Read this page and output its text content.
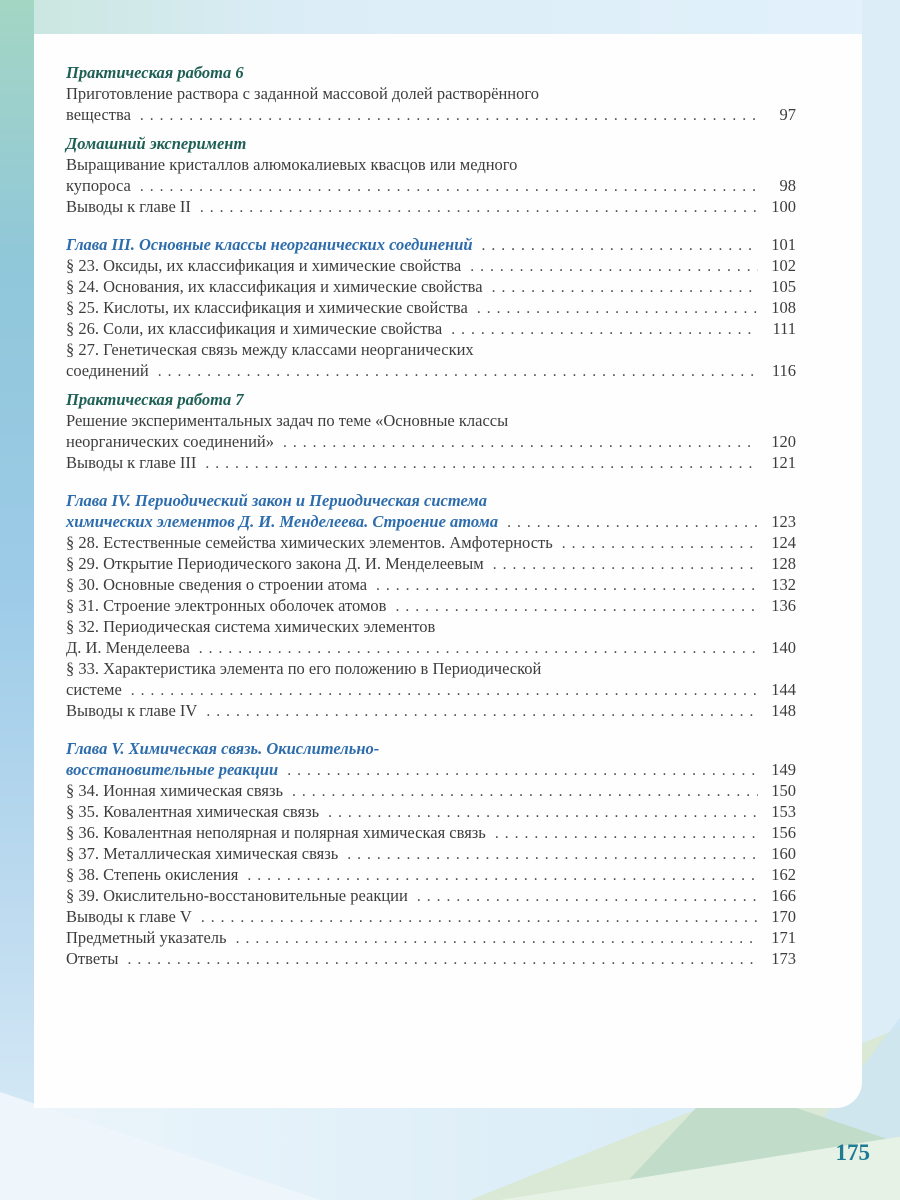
Практическая работа 6
Приготовление раствора с заданной массовой долей растворённого
вещества .....	97
Домашний эксперимент
Выращивание кристаллов алюмокалиевых квасцов или медного
купороса .....	98
Выводы к главе II .....	100
Глава III. Основные классы неорганических соединений .....	101
§ 23. Оксиды, их классификация и химические свойства .....	102
§ 24. Основания, их классификация и химические свойства .....	105
§ 25. Кислоты, их классификация и химические свойства .....	108
§ 26. Соли, их классификация и химические свойства .....	111
§ 27. Генетическая связь между классами неорганических
соединений .....	116
Практическая работа 7
Решение экспериментальных задач по теме «Основные классы
неорганических соединений» .....	120
Выводы к главе III .....	121
Глава IV. Периодический закон и Периодическая система
химических элементов Д. И. Менделеева. Строение атома .....	123
§ 28. Естественные семейства химических элементов. Амфотерность .....	124
§ 29. Открытие Периодического закона Д. И. Менделеевым .....	128
§ 30. Основные сведения о строении атома .....	132
§ 31. Строение электронных оболочек атомов .....	136
§ 32. Периодическая система химических элементов
Д. И. Менделеева .....	140
§ 33. Характеристика элемента по его положению в Периодической
системе .....	144
Выводы к главе IV .....	148
Глава V. Химическая связь. Окислительно-
восстановительные реакции .....	149
§ 34. Ионная химическая связь .....	150
§ 35. Ковалентная химическая связь .....	153
§ 36. Ковалентная неполярная и полярная химическая связь .....	156
§ 37. Металлическая химическая связь .....	160
§ 38. Степень окисления .....	162
§ 39. Окислительно-восстановительные реакции .....	166
Выводы к главе V .....	170
Предметный указатель .....	171
Ответы .....	173
175
